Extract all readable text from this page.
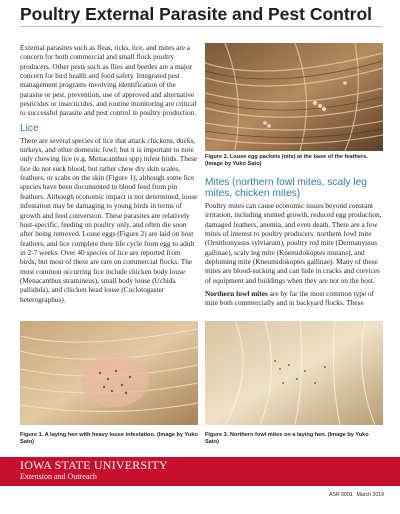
Poultry External Parasite and Pest Control

External parasites such as fleas, ticks, lice, and mites are a concern for both commercial and small flock poultry producers. Other pests such as flies and beetles are a major concern for bird health and food safety. Integrated pest management programs involving identification of the parasite or pest, prevention, use of approved and alternative pesticides or insecticides, and routine monitoring are critical to successful parasite and pest control in poultry production.

Lice

There are several species of lice that attack chickens, ducks, turkeys, and other domestic fowl; but it is important to note only chewing lice (e.g. Menacanthus spp) infest birds. These lice do not suck blood, but rather chew dry skin scales, feathers, or scabs on the skin (Figure 1), although some lice species have been documented to blood feed from pin feathers. Although economic impact is not determined, louse infestation may be damaging to young birds in terms of growth and feed conversion. These parasites are relatively host-specific, feeding on poultry only, and often die soon after being removed. Louse eggs (Figure 2) are laid on host feathers, and lice complete their life cycle from egg to adult in 2-7 weeks. Over 40 species of lice are reported from birds, but most of these are rare on commercial flocks. The most common occurring lice include chicken body louse (Menacanthus stramineus), small body louse (Uchida pallidula), and chicken head louse (Cuclotogaster heterographus).

Figure 2. Louse egg packets (nits) at the base of the feathers. (Image by Yuko Sato)
Mites (northern fowl mites, scaly leg mites, chicken mites)

Poultry mites can cause economic issues beyond constant irritation, including stunted growth, reduced egg production, damaged feathers, anemia, and even death. There are a few mites of interest to poultry producers: northern fowl mite (Ornithonyssus sylviarum), poultry red mite (Dermanyssus gallinae), scaly leg mite (Knemidokoptes mutans), and depluming mite (Kneumidokoptes gallinae). Many of these mites are blood-sucking and can hide in cracks and crevices of equipment and buildings when they are not on the host.

Northern fowl mites are by far the most common type of mite both commercially and in backyard flocks. These

Figure 1. A laying hen with heavy louse infestation. (Image by Yuko Sato)
Figure 3. Northern fowl mites on a laying hen. (Image by Yuko Sato)
IOWA STATE UNIVERSITY
Extension and Outreach
ASR 0001 March 2019
